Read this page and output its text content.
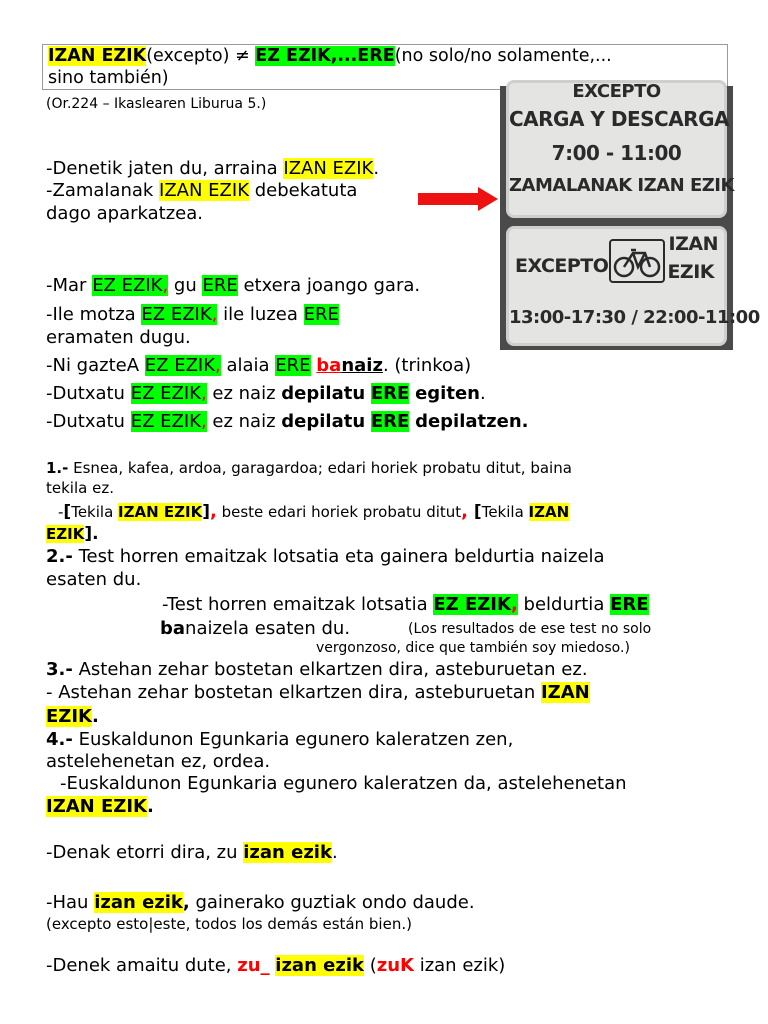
IZAN EZIK(excepto) ≠ EZ EZIK,...ERE(no solo/no solamente,...
sino también)
(Or.224 – Ikaslearen Liburua 5.)
EXCEPTO
CARGA Y DESCARGA
7:00 - 11:00
ZAMALANAK IZAN EZIK
EXCEPTO
IZAN
EZIK
13:00-17:30 / 22:00-11:00
-Denetik jaten du, arraina IZAN EZIK.
-Zamalanak IZAN EZIK debekatuta
dago aparkatzea.
-Mar EZ EZIK, gu ERE etxera joango gara.
-Ile motza EZ EZIK, ile luzea ERE
eramaten dugu.
-Ni gazteA EZ EZIK, alaia ERE banaiz. (trinkoa)
-Dutxatu EZ EZIK, ez naiz depilatu ERE egiten.
-Dutxatu EZ EZIK, ez naiz depilatu ERE depilatzen.
1.- Esnea, kafea, ardoa, garagardoa; edari horiek probatu ditut, baina
tekila ez.
-[Tekila IZAN EZIK], beste edari horiek probatu ditut, [Tekila IZAN
EZIK].
2.- Test horren emaitzak lotsatia eta gainera beldurtia naizela
esaten du.
-Test horren emaitzak lotsatia EZ EZIK, beldurtia ERE
banaizela esaten du.	(Los resultados de ese test no solo
vergonzoso, dice que también soy miedoso.)
3.- Astehan zehar bostetan elkartzen dira, asteburuetan ez.
- Astehan zehar bostetan elkartzen dira, asteburuetan IZAN
EZIK.
4.- Euskaldunon Egunkaria egunero kaleratzen zen,
astelehenetan ez, ordea.
-Euskaldunon Egunkaria egunero kaleratzen da, astelehenetan
IZAN EZIK.
-Denak etorri dira, zu izan ezik.
-Hau izan ezik, gainerako guztiak ondo daude.
(excepto esto|este, todos los demás están bien.)
-Denek amaitu dute, zu_ izan ezik (zuK izan ezik)
